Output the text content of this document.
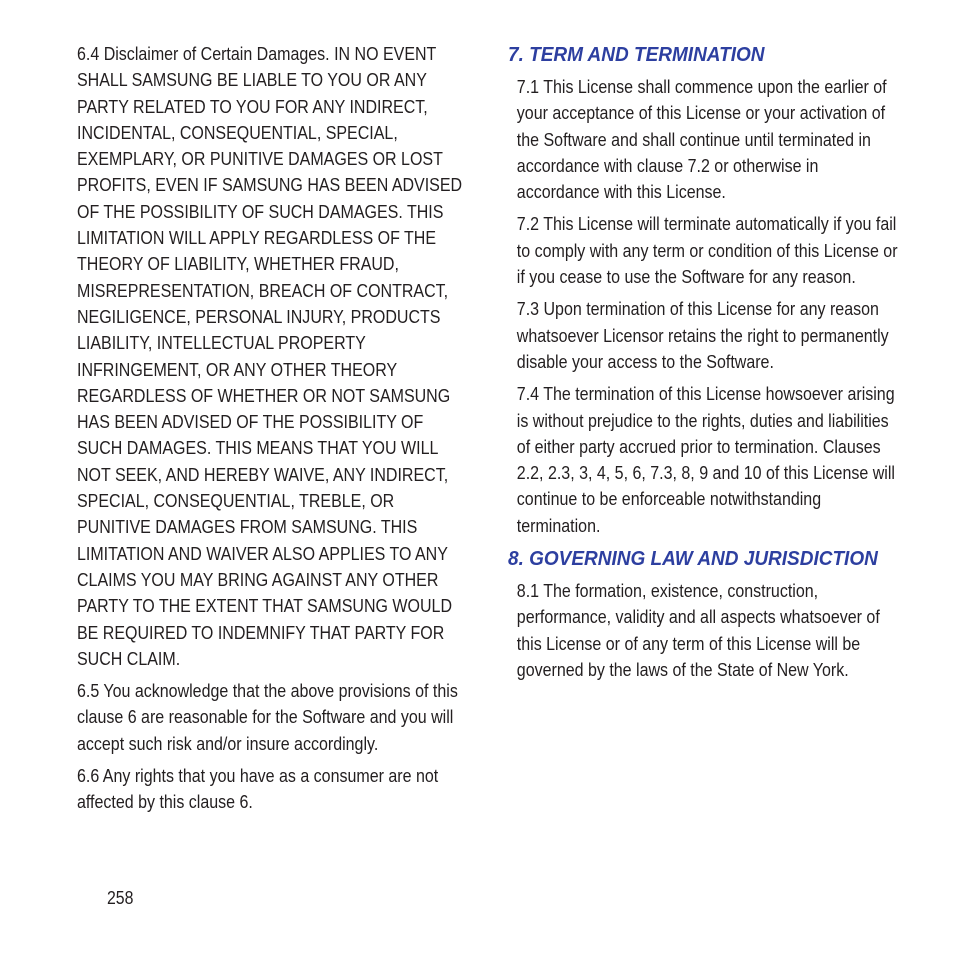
6.4 Disclaimer of Certain Damages. IN NO EVENT SHALL SAMSUNG BE LIABLE TO YOU OR ANY PARTY RELATED TO YOU FOR ANY INDIRECT, INCIDENTAL, CONSEQUENTIAL, SPECIAL, EXEMPLARY, OR PUNITIVE DAMAGES OR LOST PROFITS, EVEN IF SAMSUNG HAS BEEN ADVISED OF THE POSSIBILITY OF SUCH DAMAGES. THIS LIMITATION WILL APPLY REGARDLESS OF THE THEORY OF LIABILITY, WHETHER FRAUD, MISREPRESENTATION, BREACH OF CONTRACT, NEGILIGENCE, PERSONAL INJURY, PRODUCTS LIABILITY, INTELLECTUAL PROPERTY INFRINGEMENT, OR ANY OTHER THEORY REGARDLESS OF WHETHER OR NOT SAMSUNG HAS BEEN ADVISED OF THE POSSIBILITY OF SUCH DAMAGES. THIS MEANS THAT YOU WILL NOT SEEK, AND HEREBY WAIVE, ANY INDIRECT, SPECIAL, CONSEQUENTIAL, TREBLE, OR PUNITIVE DAMAGES FROM SAMSUNG. THIS LIMITATION AND WAIVER ALSO APPLIES TO ANY CLAIMS YOU MAY BRING AGAINST ANY OTHER PARTY TO THE EXTENT THAT SAMSUNG WOULD BE REQUIRED TO INDEMNIFY THAT PARTY FOR SUCH CLAIM.

6.5 You acknowledge that the above provisions of this clause 6 are reasonable for the Software and you will accept such risk and/or insure accordingly.

6.6 Any rights that you have as a consumer are not affected by this clause 6.

7. TERM AND TERMINATION

7.1 This License shall commence upon the earlier of your acceptance of this License or your activation of the Software and shall continue until terminated in accordance with clause 7.2 or otherwise in accordance with this License.

7.2 This License will terminate automatically if you fail to comply with any term or condition of this License or if you cease to use the Software for any reason.

7.3 Upon termination of this License for any reason whatsoever Licensor retains the right to permanently disable your access to the Software.

7.4 The termination of this License howsoever arising is without prejudice to the rights, duties and liabilities of either party accrued prior to termination. Clauses 2.2, 2.3, 3, 4, 5, 6, 7.3, 8, 9 and 10 of this License will continue to be enforceable notwithstanding termination.

8. GOVERNING LAW AND JURISDICTION

8.1 The formation, existence, construction, performance, validity and all aspects whatsoever of this License or of any term of this License will be governed by the laws of the State of New York.

258
